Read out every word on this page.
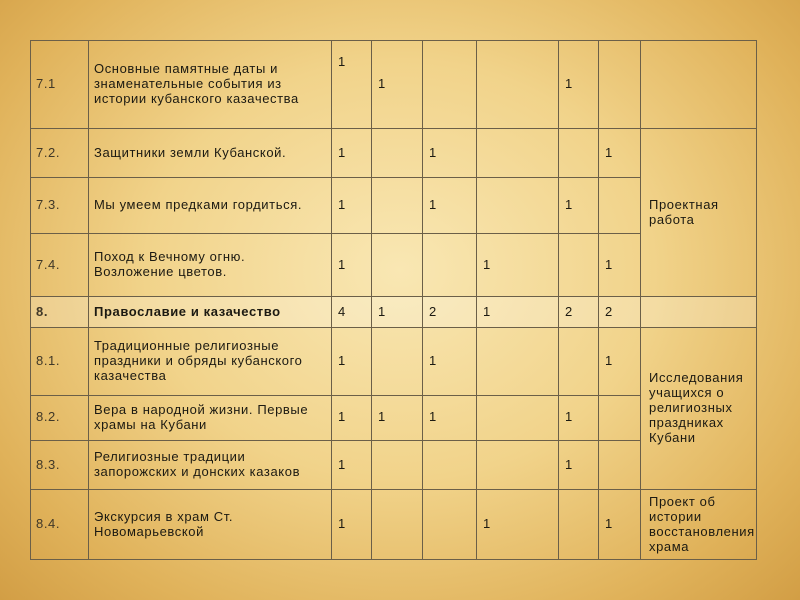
7.1	Основные памятные даты и знаменательные события из истории кубанского казачества	1	1			1		
7.2.	Защитники земли Кубанской.	1		1			1	Проектная работа
7.3.	Мы умеем предками гордиться.	1		1		1		
7.4.	Поход к Вечному огню. Возложение цветов.	1			1		1	
8.	Православие и казачество	4	1	2	1	2	2	
8.1.	Традиционные религиозные праздники и обряды кубанского казачества	1		1			1	Исследования учащихся о религиозных праздниках Кубани
8.2.	Вера в народной жизни. Первые храмы на Кубани	1	1	1		1		
8.3.	Религиозные традиции запорожских и донских казаков	1				1		
8.4.	Экскурсия в храм Ст. Новомарьевской	1			1		1	Проект об истории восстановления храма
